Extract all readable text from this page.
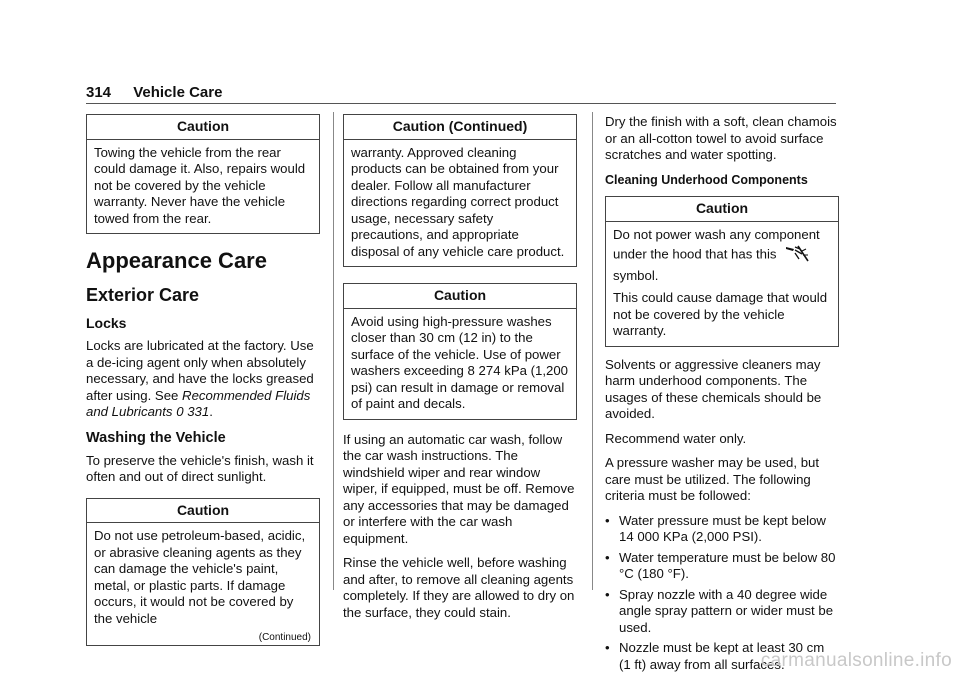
314 Vehicle Care
Caution

Towing the vehicle from the rear could damage it. Also, repairs would not be covered by the vehicle warranty. Never have the vehicle towed from the rear.

Appearance Care
Exterior Care
Locks

Locks are lubricated at the factory. Use a de-icing agent only when absolutely necessary, and have the locks greased after using. See Recommended Fluids and Lubricants 0 331.

Washing the Vehicle

To preserve the vehicle's finish, wash it often and out of direct sunlight.

Caution

Do not use petroleum-based, acidic, or abrasive cleaning agents as they can damage the vehicle's paint, metal, or plastic parts. If damage occurs, it would not be covered by the vehicle

(Continued)
Caution (Continued)

warranty. Approved cleaning products can be obtained from your dealer. Follow all manufacturer directions regarding correct product usage, necessary safety precautions, and appropriate disposal of any vehicle care product.

Caution

Avoid using high-pressure washes closer than 30 cm (12 in) to the surface of the vehicle. Use of power washers exceeding 8 274 kPa (1,200 psi) can result in damage or removal of paint and decals.

If using an automatic car wash, follow the car wash instructions. The windshield wiper and rear window wiper, if equipped, must be off. Remove any accessories that may be damaged or interfere with the car wash equipment.

Rinse the vehicle well, before washing and after, to remove all cleaning agents completely. If they are allowed to dry on the surface, they could stain.

Dry the finish with a soft, clean chamois or an all-cotton towel to avoid surface scratches and water spotting.

Cleaning Underhood Components

Caution

Do not power wash any component under the hood that has this
symbol.

This could cause damage that would not be covered by the vehicle warranty.

Solvents or aggressive cleaners may harm underhood components. The usages of these chemicals should be avoided.

Recommend water only.

A pressure washer may be used, but care must be utilized. The following criteria must be followed:

• Water pressure must be kept below 14 000 KPa (2,000 PSI).
• Water temperature must be below 80 °C (180 °F).
• Spray nozzle with a 40 degree wide angle spray pattern or wider must be used.
• Nozzle must be kept at least 30 cm (1 ft) away from all surfaces.
carmanualsonline.info
